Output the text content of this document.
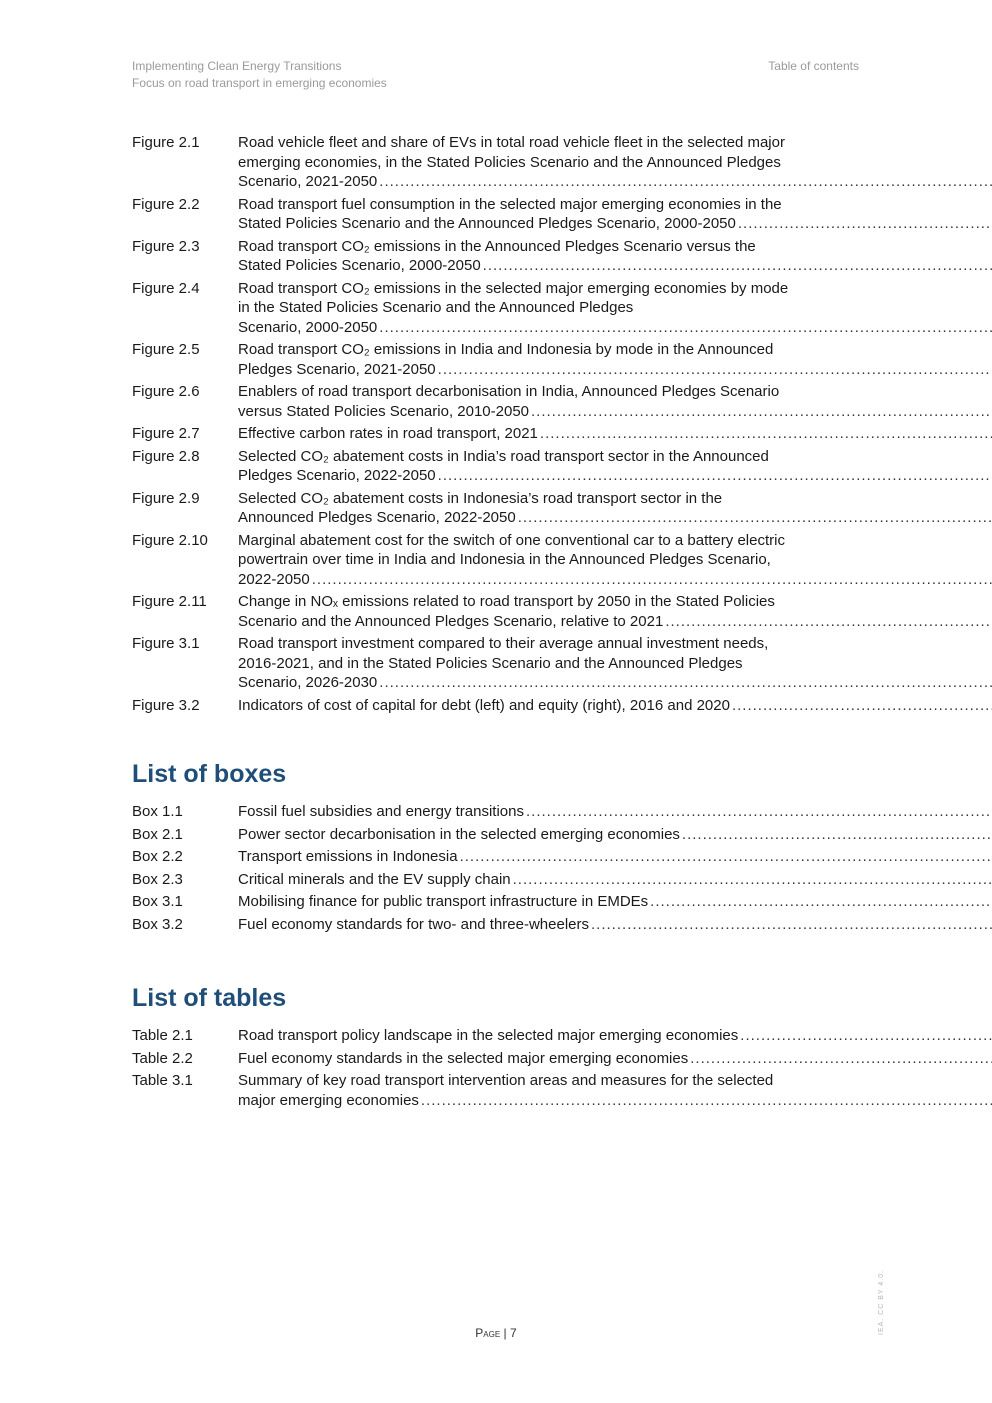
Implementing Clean Energy Transitions
Focus on road transport in emerging economies
Table of contents
Figure 2.1	Road vehicle fleet and share of EVs in total road vehicle fleet in the selected major
emerging economies, in the Stated Policies Scenario and the Announced Pledges
Scenario, 2021-2050
.....
Figure 2.2	Road transport fuel consumption in the selected major emerging economies in the
Stated Policies Scenario and the Announced Pledges Scenario, 2000-2050
.....
Figure 2.3	Road transport CO₂ emissions in the Announced Pledges Scenario versus the
Stated Policies Scenario, 2000-2050
.....
Figure 2.4	Road transport CO₂ emissions in the selected major emerging economies by mode
in the Stated Policies Scenario and the Announced Pledges
Scenario, 2000-2050
.....
Figure 2.5	Road transport CO₂ emissions in India and Indonesia by mode in the Announced
Pledges Scenario, 2021-2050
.....
Figure 2.6	Enablers of road transport decarbonisation in India, Announced Pledges Scenario
versus Stated Policies Scenario, 2010-2050
.....
Figure 2.7	Effective carbon rates in road transport, 2021
.....
Figure 2.8	Selected CO₂ abatement costs in India’s road transport sector in the Announced
Pledges Scenario, 2022-2050
.....
Figure 2.9	Selected CO₂ abatement costs in Indonesia’s road transport sector in the
Announced Pledges Scenario, 2022-2050
.....
Figure 2.10	Marginal abatement cost for the switch of one conventional car to a battery electric
powertrain over time in India and Indonesia in the Announced Pledges Scenario,
2022-2050
.....
Figure 2.11	Change in NOₓ emissions related to road transport by 2050 in the Stated Policies
Scenario and the Announced Pledges Scenario, relative to 2021
.....
Figure 3.1	Road transport investment compared to their average annual investment needs,
2016-2021, and in the Stated Policies Scenario and the Announced Pledges
Scenario, 2026-2030
.....
Figure 3.2	Indicators of cost of capital for debt (left) and equity (right), 2016 and 2020
.....
List of boxes
Box 1.1	Fossil fuel subsidies and energy transitions
.....
Box 2.1	Power sector decarbonisation in the selected emerging economies
.....
Box 2.2	Transport emissions in Indonesia
.....
Box 2.3	Critical minerals and the EV supply chain
.....
Box 3.1	Mobilising finance for public transport infrastructure in EMDEs
.....
Box 3.2	Fuel economy standards for two- and three-wheelers
.....
List of tables
Table 2.1	Road transport policy landscape in the selected major emerging economies
.....
Table 2.2	Fuel economy standards in the selected major emerging economies
.....
Table 3.1	Summary of key road transport intervention areas and measures for the selected
major emerging economies
.....
Page | 7	IEA. CC BY 4.0.
